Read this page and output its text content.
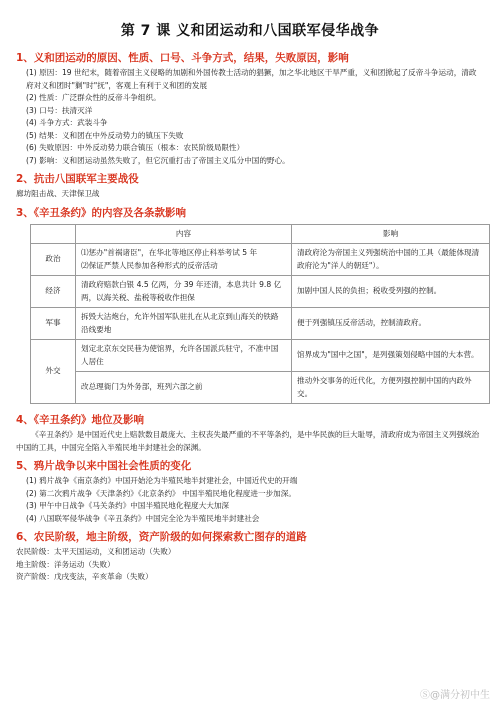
第 7 课 义和团运动和八国联军侵华战争
1、义和团运动的原因、性质、口号、斗争方式，结果，失败原因，影响
(1) 原因：19 世纪末，随着帝国主义侵略的加剧和外国传教士活动的猖獗，加之华北地区干旱严重，义和团掀起了反帝斗争运动，清政府对义和团时"剿"时"抚"，客观上有利于义和团的发展
(2) 性质：广泛群众性的反帝斗争组织。
(3) 口号：扶清灭洋
(4) 斗争方式：武装斗争
(5) 结果：义和团在中外反动势力的镇压下失败
(6) 失败原因：中外反动势力联合镇压（根本：农民阶级局限性）
(7) 影响：义和团运动虽然失败了，但它沉重打击了帝国主义瓜分中国的野心。
2、抗击八国联军主要战役
廊坊阻击战、天津保卫战
3、《辛丑条约》的内容及各条款影响
	内容	影响
政治	⑴惩办"首祸诸臣"，在华北等地区停止科举考试 5 年
⑵保证严禁人民参加各种形式的反帝活动	清政府沦为帝国主义列强统治中国的工具（最能体现清政府沦为"洋人的朝廷"）。
经济	清政府赔款白银 4.5 亿两，分 39 年还清，本息共计 9.8 亿两，以海关税、盐税等税收作担保	加剧中国人民的负担；税收受列强的控制。
军事	拆毁大沽炮台，允许外国军队驻扎在从北京到山海关的铁路沿线要地	便于列强镇压反帝活动，控制清政府。
外交	划定北京东交民巷为使馆界，允许各国派兵驻守，不准中国人居住	馆界成为"国中之国"，是列强策划侵略中国的大本营。
	改总理衙门为外务部，班列六部之前	推动外交事务的近代化，方便列强控制中国的内政外交。
4、《辛丑条约》地位及影响
《辛丑条约》是中国近代史上赔款数目最庞大、主权丧失最严重的不平等条约，是中华民族的巨大耻辱，清政府成为帝国主义列强统治中国的工具，中国完全陷入半殖民地半封建社会的深渊。
5、鸦片战争以来中国社会性质的变化
(1) 鸦片战争《南京条约》中国开始沦为半殖民地半封建社会，中国近代史的开端
(2) 第二次鸦片战争《天津条约》《北京条约》 中国半殖民地化程度进一步加深。
(3) 甲午中日战争《马关条约》中国半殖民地化程度大大加深
(4) 八国联军侵华战争《辛丑条约》中国完全沦为半殖民地半封建社会
6、农民阶级，地主阶级，资产阶级的如何探索救亡图存的道路
农民阶级：太平天国运动，义和团运动（失败）
地主阶级：洋务运动（失败）
资产阶级：戊戌变法，辛亥革命（失败）
Ⓢ@满分初中生
